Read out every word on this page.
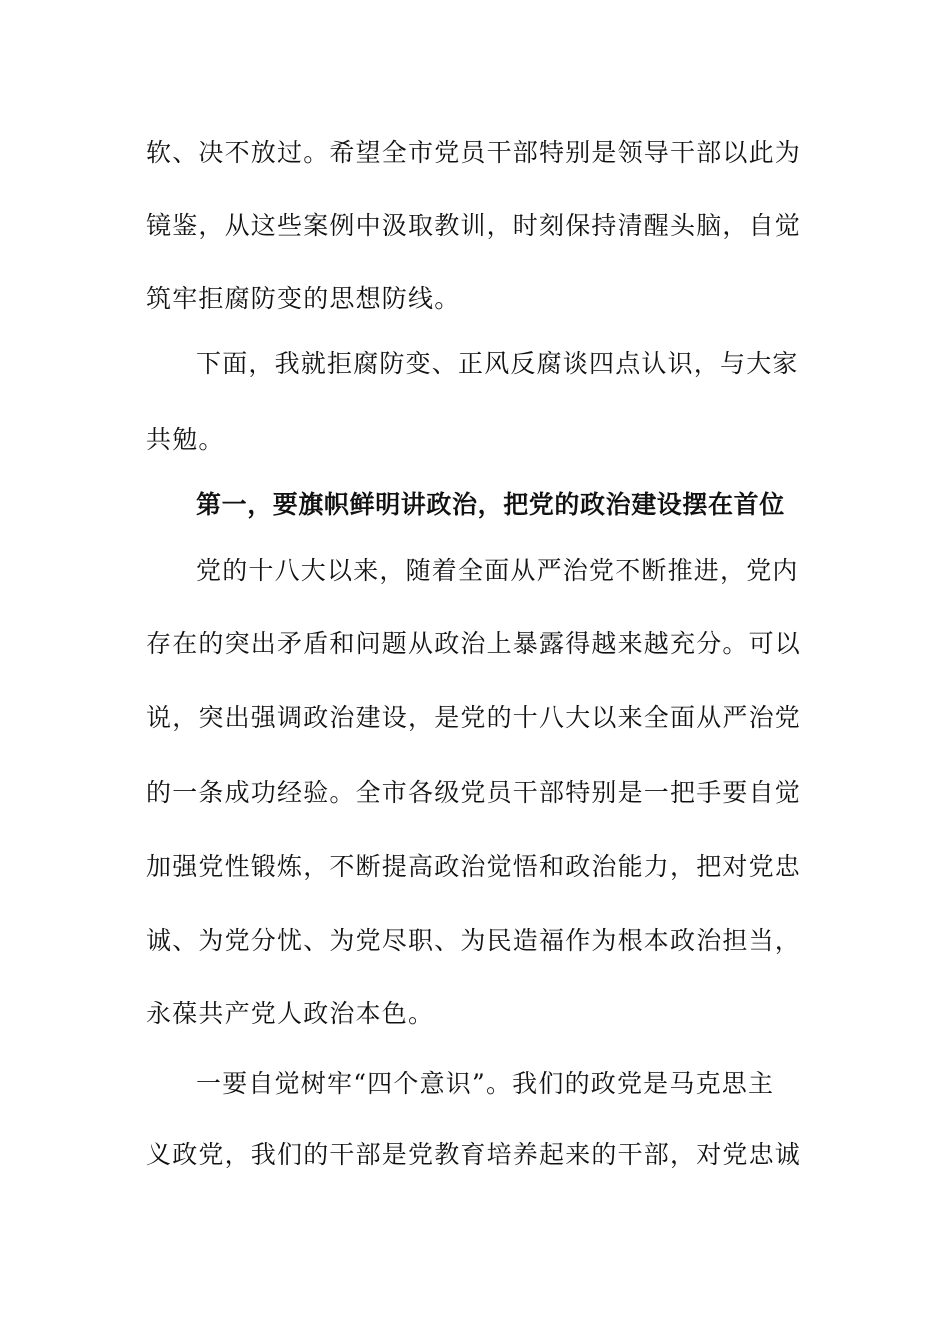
软、决不放过。希望全市党员干部特别是领导干部以此为
镜鉴，从这些案例中汲取教训，时刻保持清醒头脑，自觉
筑牢拒腐防变的思想防线。
下面，我就拒腐防变、正风反腐谈四点认识，与大家
共勉。
第一，要旗帜鲜明讲政治，把党的政治建设摆在首位
党的十八大以来，随着全面从严治党不断推进，党内
存在的突出矛盾和问题从政治上暴露得越来越充分。可以
说，突出强调政治建设，是党的十八大以来全面从严治党
的一条成功经验。全市各级党员干部特别是一把手要自觉
加强党性锻炼，不断提高政治觉悟和政治能力，把对党忠
诚、为党分忧、为党尽职、为民造福作为根本政治担当，
永葆共产党人政治本色。
一要自觉树牢“四个意识”。我们的政党是马克思主
义政党，我们的干部是党教育培养起来的干部，对党忠诚
